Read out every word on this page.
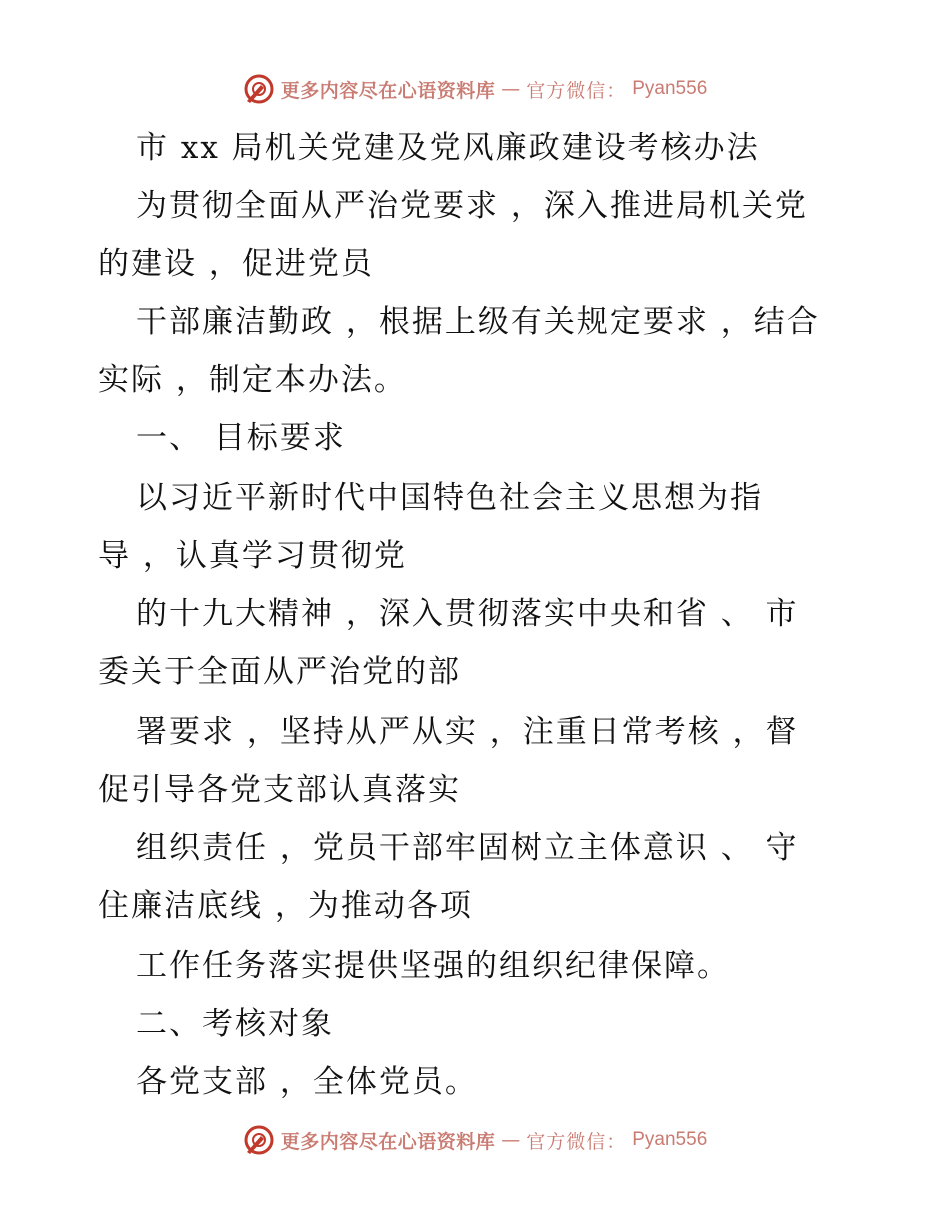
更多内容尽在心语资料库 — 官方微信： Pyan556
市 xx 局机关党建及党风廉政建设考核办法
为贯彻全面从严治党要求 ，深入推进局机关党
的建设 ，促进党员
干部廉洁勤政 ，根据上级有关规定要求 ，结合
实际 ，制定本办法。
一、 目标要求
以习近平新时代中国特色社会主义思想为指
导 ，认真学习贯彻党
的十九大精神 ，深入贯彻落实中央和省 、 市
委关于全面从严治党的部
署要求 ，坚持从严从实 ，注重日常考核 ，督
促引导各党支部认真落实
组织责任 ，党员干部牢固树立主体意识 、 守
住廉洁底线 ，为推动各项
工作任务落实提供坚强的组织纪律保障。
二、考核对象
各党支部 ，全体党员。
更多内容尽在心语资料库 — 官方微信： Pyan556
